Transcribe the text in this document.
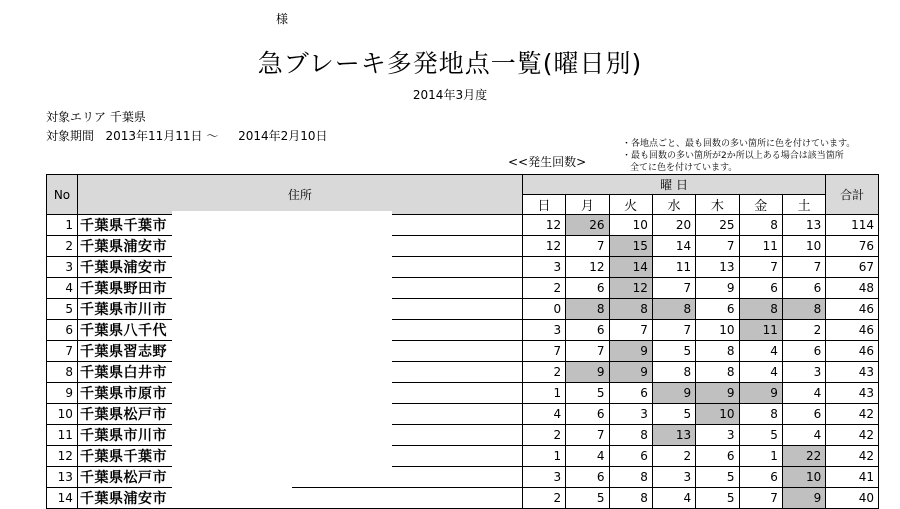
様
急ブレーキ多発地点一覧(曜日別)
2014年3月度
対象エリア 千葉県
対象期間 2013年11月11日 ～ 2014年2月10日
・各地点ごと、最も回数の多い箇所に色を付けています。
・最も回数の多い箇所が2か所以上ある場合は該当箇所
全てに色を付けています。
<<発生回数>
No	住所	曜 日							合計
		日	月	火	水	木	金	土	
1	千葉県千葉市	12	26	10	20	25	8	13	114
2	千葉県浦安市	12	7	15	14	7	11	10	76
3	千葉県浦安市	3	12	14	11	13	7	7	67
4	千葉県野田市	2	6	12	7	9	6	6	48
5	千葉県市川市	0	8	8	8	6	8	8	46
6	千葉県八千代	3	6	7	7	10	11	2	46
7	千葉県習志野	7	7	9	5	8	4	6	46
8	千葉県白井市	2	9	9	8	8	4	3	43
9	千葉県市原市	1	5	6	9	9	9	4	43
10	千葉県松戸市	4	6	3	5	10	8	6	42
11	千葉県市川市	2	7	8	13	3	5	4	42
12	千葉県千葉市	1	4	6	2	6	1	22	42
13	千葉県松戸市	3	6	8	3	5	6	10	41
14	千葉県浦安市	2	5	8	4	5	7	9	40
